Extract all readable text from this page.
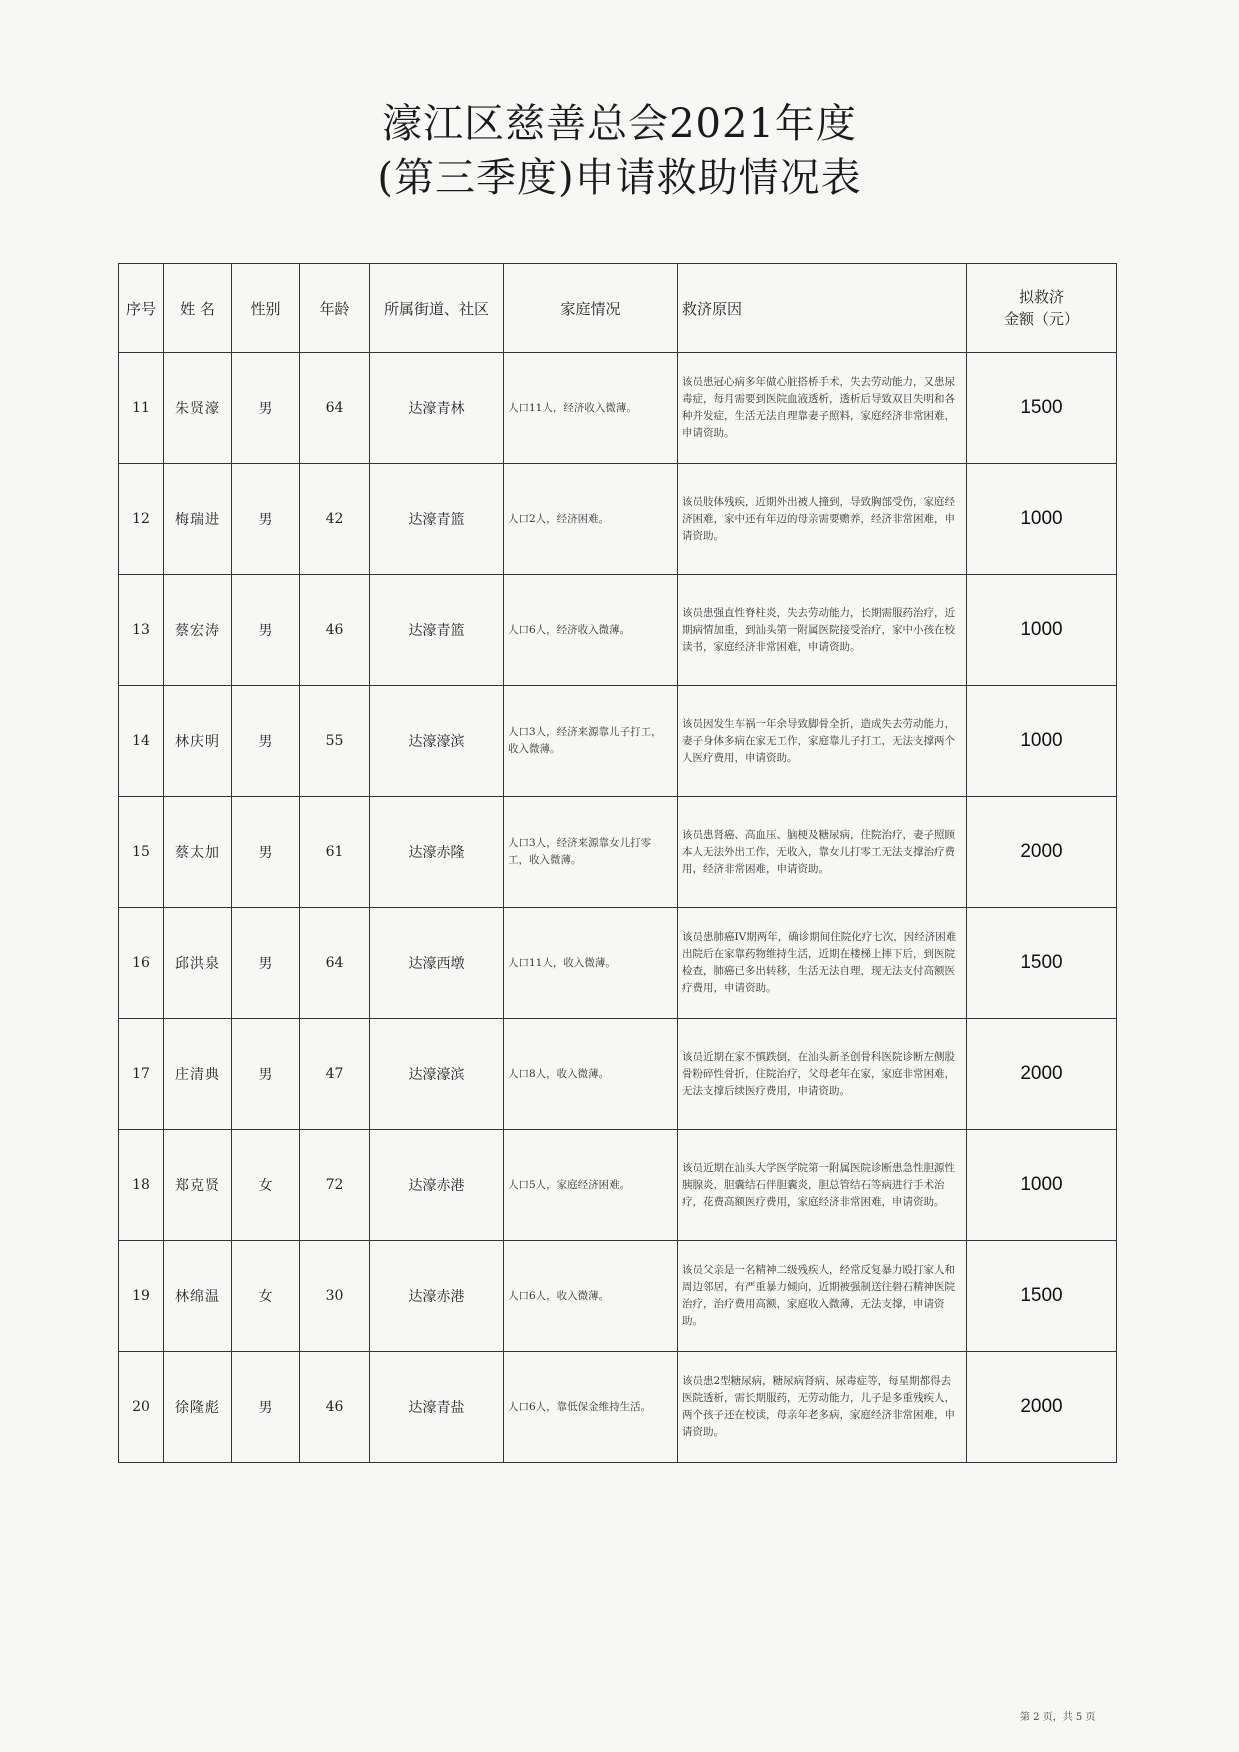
濠江区慈善总会2021年度
(第三季度)申请救助情况表
序号	姓 名	性别	年龄	所属街道、社区	家庭情况	救济原因	拟救济
金额（元）

11	朱贤濠	男	64	达濠青林	人口11人，经济收入微薄。	该员患冠心病多年做心脏搭桥手术，失去劳动能力，又患尿毒症，每月需要到医院血液透析，透析后导致双目失明和各种并发症，生活无法自理靠妻子照料，家庭经济非常困难，申请资助。	1500
12	梅瑞进	男	42	达濠青篮	人口2人，经济困难。	该员肢体残疾，近期外出被人撞到，导致胸部受伤，家庭经济困难，家中还有年迈的母亲需要赡养，经济非常困难，申请资助。	1000
13	蔡宏涛	男	46	达濠青篮	人口6人，经济收入微薄。	该员患强直性脊柱炎，失去劳动能力，长期需服药治疗，近期病情加重，到汕头第一附属医院接受治疗，家中小孩在校读书，家庭经济非常困难，申请资助。	1000
14	林庆明	男	55	达濠濠滨	人口3人，经济来源靠儿子打工，收入微薄。	该员因发生车祸一年余导致脚骨全折，造成失去劳动能力，妻子身体多病在家无工作，家庭靠儿子打工，无法支撑两个人医疗费用，申请资助。	1000
15	蔡太加	男	61	达濠赤隆	人口3人，经济来源靠女儿打零工，收入微薄。	该员患肾癌、高血压、脑梗及糖尿病，住院治疗，妻子照顾本人无法外出工作，无收入，靠女儿打零工无法支撑治疗费用，经济非常困难，申请资助。	2000
16	邱洪泉	男	64	达濠西墩	人口11人，收入微薄。	该员患肺癌IV期两年，确诊期间住院化疗七次，因经济困难出院后在家靠药物维持生活，近期在楼梯上摔下后，到医院检查，肺癌已多出转移，生活无法自理，现无法支付高额医疗费用，申请资助。	1500
17	庄清典	男	47	达濠濠滨	人口8人，收入微薄。	该员近期在家不慎跌倒，在汕头新圣创骨科医院诊断左侧股骨粉碎性骨折，住院治疗，父母老年在家，家庭非常困难，无法支撑后续医疗费用，申请资助。	2000
18	郑克贤	女	72	达濠赤港	人口5人，家庭经济困难。	该员近期在汕头大学医学院第一附属医院诊断患急性胆源性胰腺炎，胆囊结石伴胆囊炎，胆总管结石等病进行手术治疗，花费高额医疗费用，家庭经济非常困难，申请资助。	1000
19	林绵温	女	30	达濠赤港	人口6人，收入微薄。	该员父亲是一名精神二级残疾人，经常反复暴力殴打家人和周边邻居，有严重暴力倾向，近期被强制送往礐石精神医院治疗，治疗费用高额，家庭收入微薄，无法支撑，申请资助。	1500
20	徐隆彪	男	46	达濠青盐	人口6人，靠低保金维持生活。	该员患2型糖尿病，糖尿病肾病、尿毒症等，每星期都得去医院透析，需长期服药，无劳动能力，儿子是多重残疾人，两个孩子还在校读，母亲年老多病，家庭经济非常困难，申请资助。	2000
第 2 页，共 5 页
